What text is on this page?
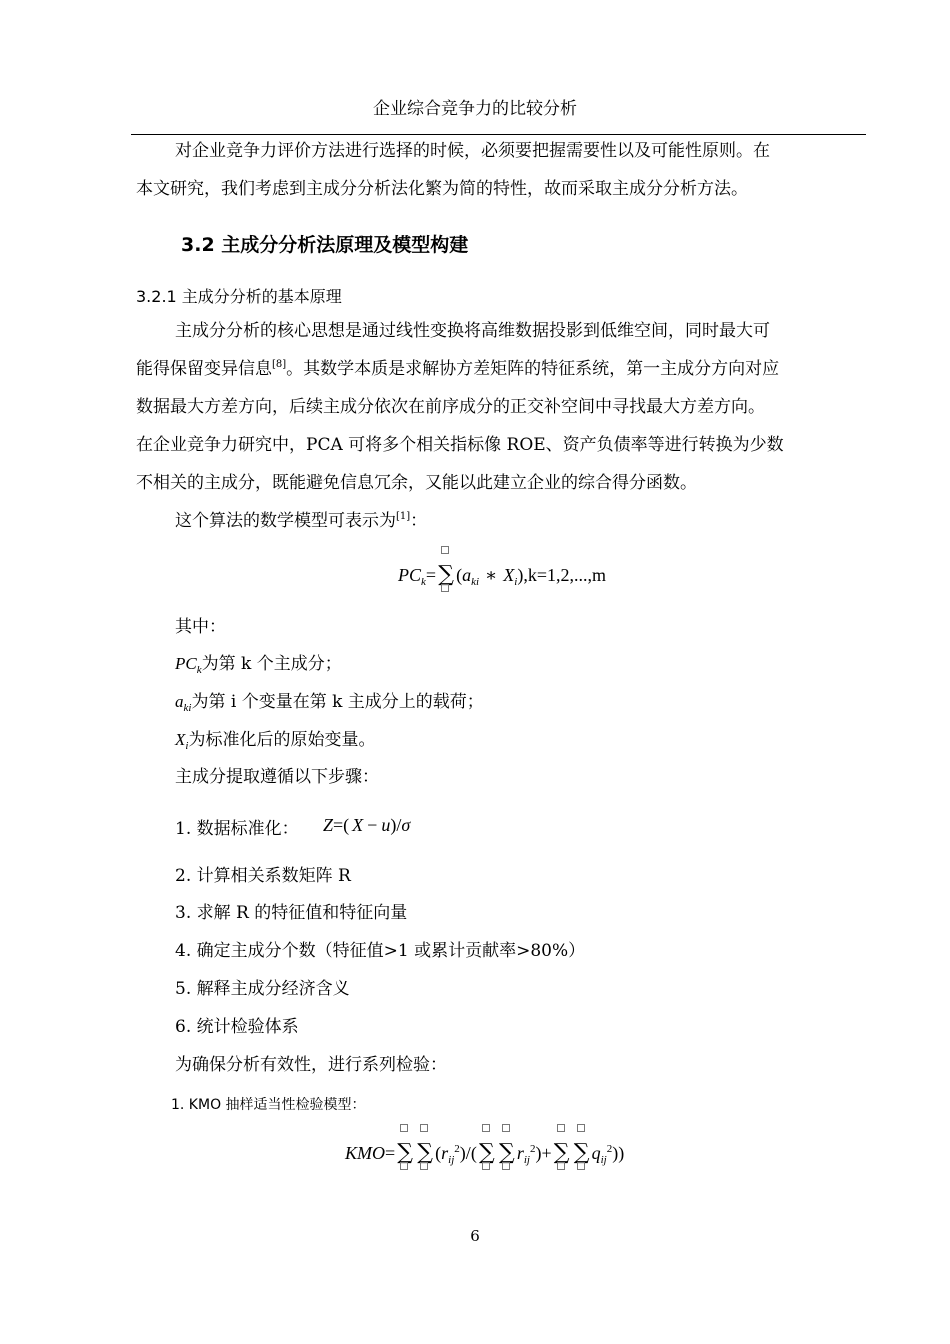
企业综合竞争力的比较分析
对企业竞争力评价方法进行选择的时候，必须要把握需要性以及可能性原则。在
本文研究，我们考虑到主成分分析法化繁为简的特性，故而采取主成分分析方法。
3.2 主成分分析法原理及模型构建
3.2.1 主成分分析的基本原理
主成分分析的核心思想是通过线性变换将高维数据投影到低维空间，同时最大可
能得保留变异信息[8]。其数学本质是求解协方差矩阵的特征系统，第一主成分方向对应
数据最大方差方向，后续主成分依次在前序成分的正交补空间中寻找最大方差方向。
在企业竞争力研究中，PCA 可将多个相关指标像 ROE、资产负债率等进行转换为少数
不相关的主成分，既能避免信息冗余，又能以此建立企业的综合得分函数。
这个算法的数学模型可表示为[1]：
$PC_k=$
∑ ($a_{ki}$ ∗ $X_i),k=1,2,...,m$
其中：
$PC_k$为第 k 个主成分；
$a_{ki}$为第 i 个变量在第 k 主成分上的载荷；
$X_i$为标准化后的原始变量。
主成分提取遵循以下步骤：
1. 数据标准化： Z=( X − u)/σ
2. 计算相关系数矩阵 R
3. 求解 R 的特征值和特征向量
4. 确定主成分个数（特征值>1 或累计贡献率>80%）
5. 解释主成分经济含义
6. 统计检验体系
为确保分析有效性，进行系列检验：
1. KMO 抽样适当性检验模型：
KMO=
∑ ∑ $(r_{ij}^2)/$(
∑ ∑ $r_{ij}^2)+$
∑ ∑ $q_{ij}^2$))
6
